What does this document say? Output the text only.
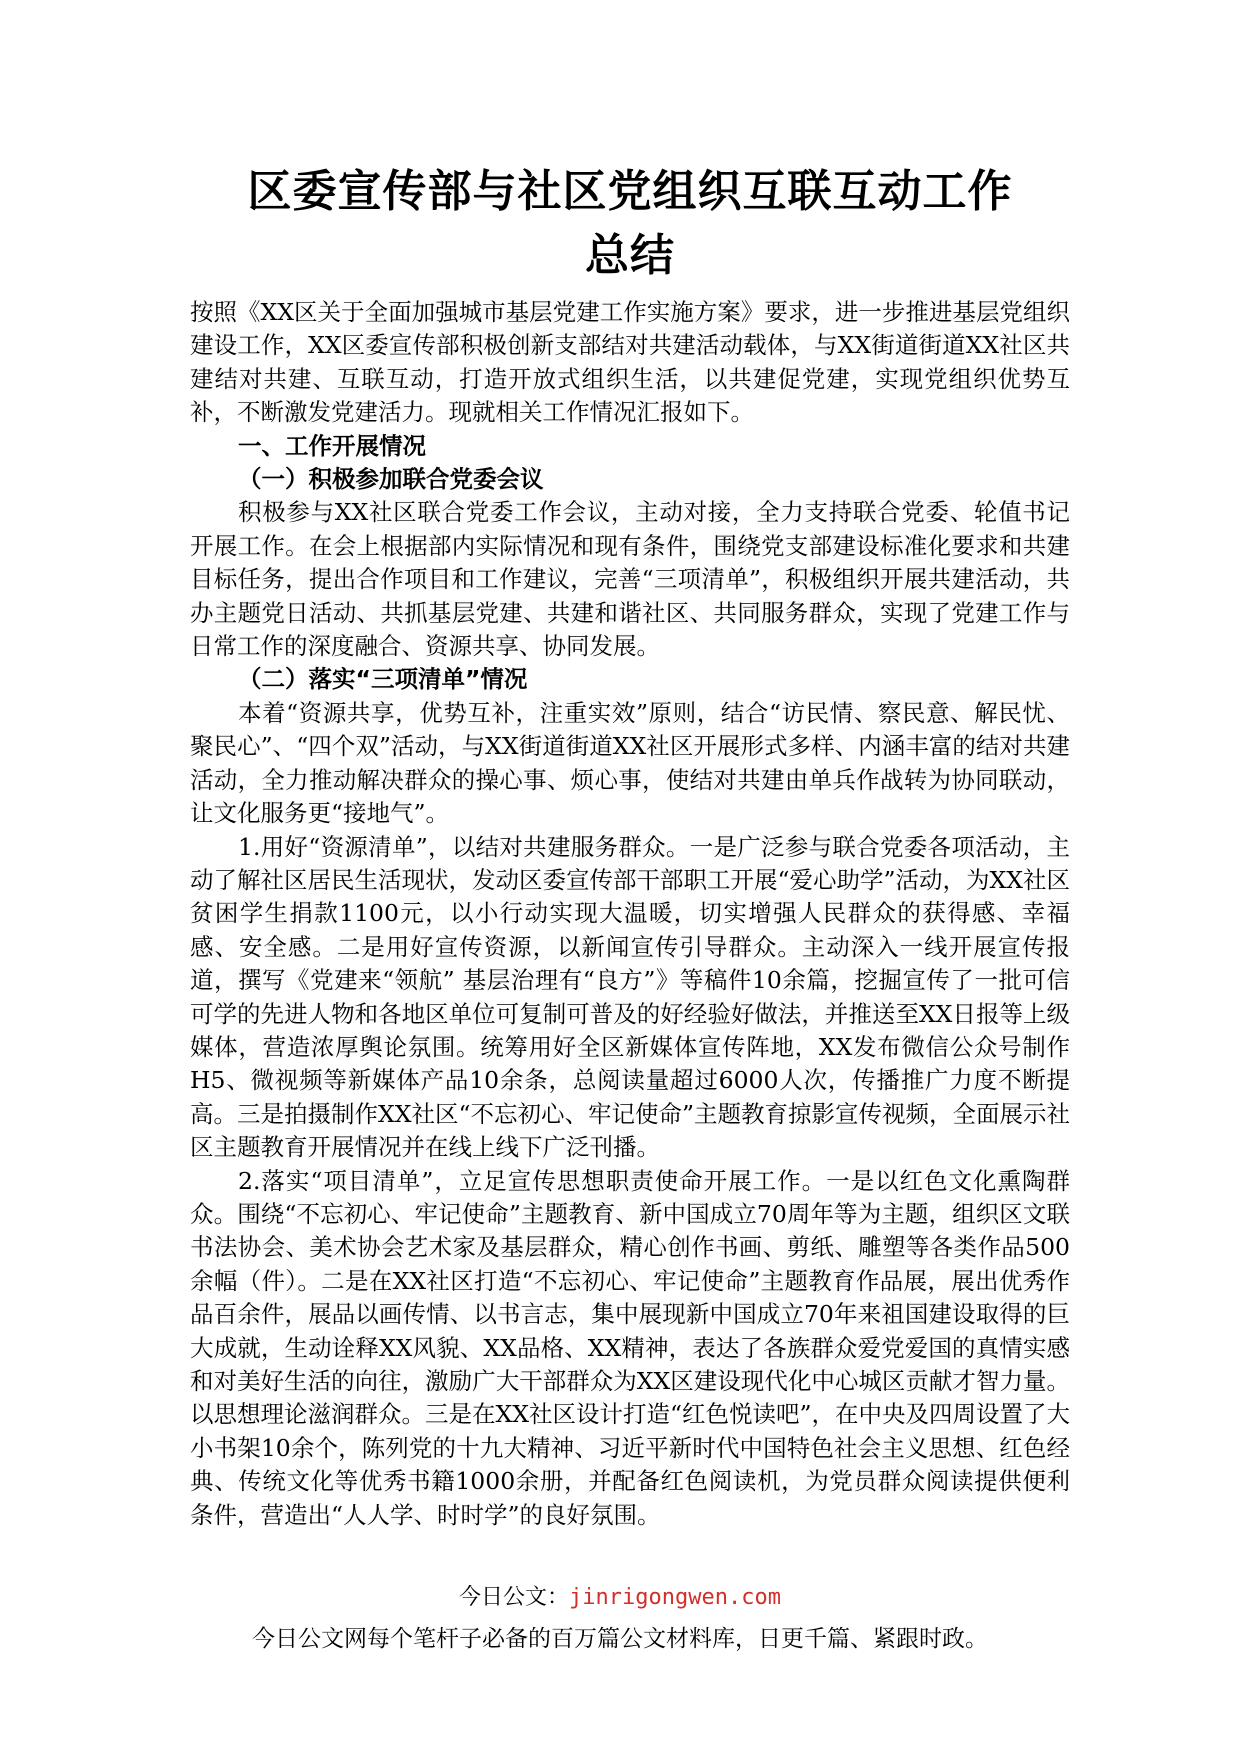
区委宣传部与社区党组织互联互动工作
总结

按照《XX区关于全面加强城市基层党建工作实施方案》要求，进一步推进基层党组织建设工作，XX区委宣传部积极创新支部结对共建活动载体，与XX街道街道XX社区共建结对共建、互联互动，打造开放式组织生活，以共建促党建，实现党组织优势互补，不断激发党建活力。现就相关工作情况汇报如下。

一、工作开展情况
（一）积极参加联合党委会议

积极参与XX社区联合党委工作会议，主动对接，全力支持联合党委、轮值书记开展工作。在会上根据部内实际情况和现有条件，围绕党支部建设标准化要求和共建目标任务，提出合作项目和工作建议，完善“三项清单”，积极组织开展共建活动，共办主题党日活动、共抓基层党建、共建和谐社区、共同服务群众，实现了党建工作与日常工作的深度融合、资源共享、协同发展。

（二）落实“三项清单”情况

本着“资源共享，优势互补，注重实效”原则，结合“访民情、察民意、解民忧、聚民心”、“四个双”活动，与XX街道街道XX社区开展形式多样、内涵丰富的结对共建活动，全力推动解决群众的操心事、烦心事，使结对共建由单兵作战转为协同联动，让文化服务更“接地气”。

1.用好“资源清单”，以结对共建服务群众。一是广泛参与联合党委各项活动，主动了解社区居民生活现状，发动区委宣传部干部职工开展“爱心助学”活动，为XX社区贫困学生捐款1100元，以小行动实现大温暖，切实增强人民群众的获得感、幸福感、安全感。二是用好宣传资源，以新闻宣传引导群众。主动深入一线开展宣传报道，撰写《党建来“领航” 基层治理有“良方”》等稿件10余篇，挖掘宣传了一批可信可学的先进人物和各地区单位可复制可普及的好经验好做法，并推送至XX日报等上级媒体，营造浓厚舆论氛围。统筹用好全区新媒体宣传阵地，XX发布微信公众号制作H5、微视频等新媒体产品10余条，总阅读量超过6000人次，传播推广力度不断提高。三是拍摄制作XX社区“不忘初心、牢记使命”主题教育掠影宣传视频，全面展示社区主题教育开展情况并在线上线下广泛刊播。

2.落实“项目清单”，立足宣传思想职责使命开展工作。一是以红色文化熏陶群众。围绕“不忘初心、牢记使命”主题教育、新中国成立70周年等为主题，组织区文联书法协会、美术协会艺术家及基层群众，精心创作书画、剪纸、雕塑等各类作品500余幅（件）。二是在XX社区打造“不忘初心、牢记使命”主题教育作品展，展出优秀作品百余件，展品以画传情、以书言志，集中展现新中国成立70年来祖国建设取得的巨大成就，生动诠释XX风貌、XX品格、XX精神，表达了各族群众爱党爱国的真情实感和对美好生活的向往，激励广大干部群众为XX区建设现代化中心城区贡献才智力量。以思想理论滋润群众。三是在XX社区设计打造“红色悦读吧”，在中央及四周设置了大小书架10余个，陈列党的十九大精神、习近平新时代中国特色社会主义思想、红色经典、传统文化等优秀书籍1000余册，并配备红色阅读机，为党员群众阅读提供便利条件，营造出“人人学、时时学”的良好氛围。

今日公文：jinrigongwen.com
今日公文网每个笔杆子必备的百万篇公文材料库，日更千篇、紧跟时政。
